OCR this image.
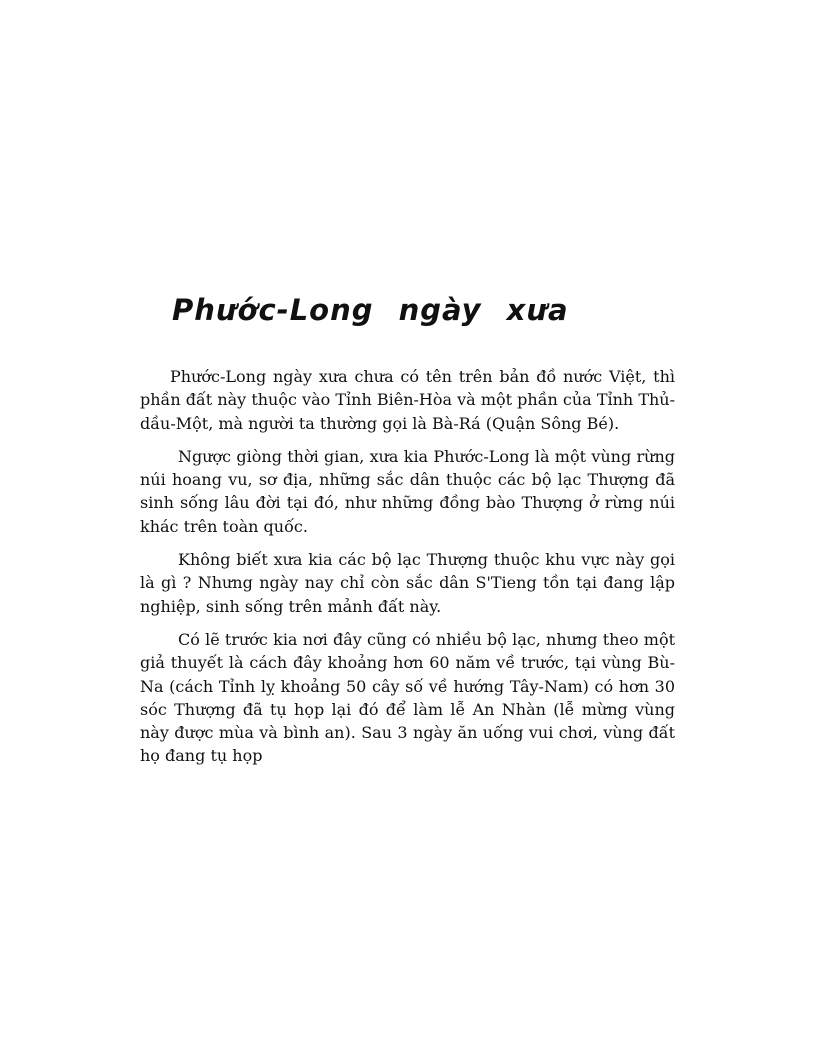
Phước-Long ngày xưa

Phước-Long ngày xưa chưa có tên trên bản đồ nước Việt, thì phần đất này thuộc vào Tỉnh Biên-Hòa và một phần của Tỉnh Thủ-dầu-Một, mà người ta thường gọi là Bà-Rá (Quận Sông Bé).

Ngược giòng thời gian, xưa kia Phước-Long là một vùng rừng núi hoang vu, sơ địa, những sắc dân thuộc các bộ lạc Thượng đã sinh sống lâu đời tại đó, như những đồng bào Thượng ở rừng núi khác trên toàn quốc.

Không biết xưa kia các bộ lạc Thượng thuộc khu vực này gọi là gì ? Nhưng ngày nay chỉ còn sắc dân S'Tieng tồn tại đang lập nghiệp, sinh sống trên mảnh đất này.

Có lẽ trước kia nơi đây cũng có nhiều bộ lạc, nhưng theo một giả thuyết là cách đây khoảng hơn 60 năm về trước, tại vùng Bù-Na (cách Tỉnh lỵ khoảng 50 cây số về hướng Tây-Nam) có hơn 30 sóc Thượng đã tụ họp lại đó để làm lễ An Nhàn (lễ mừng vùng này được mùa và bình an). Sau 3 ngày ăn uống vui chơi, vùng đất họ đang tụ họp
